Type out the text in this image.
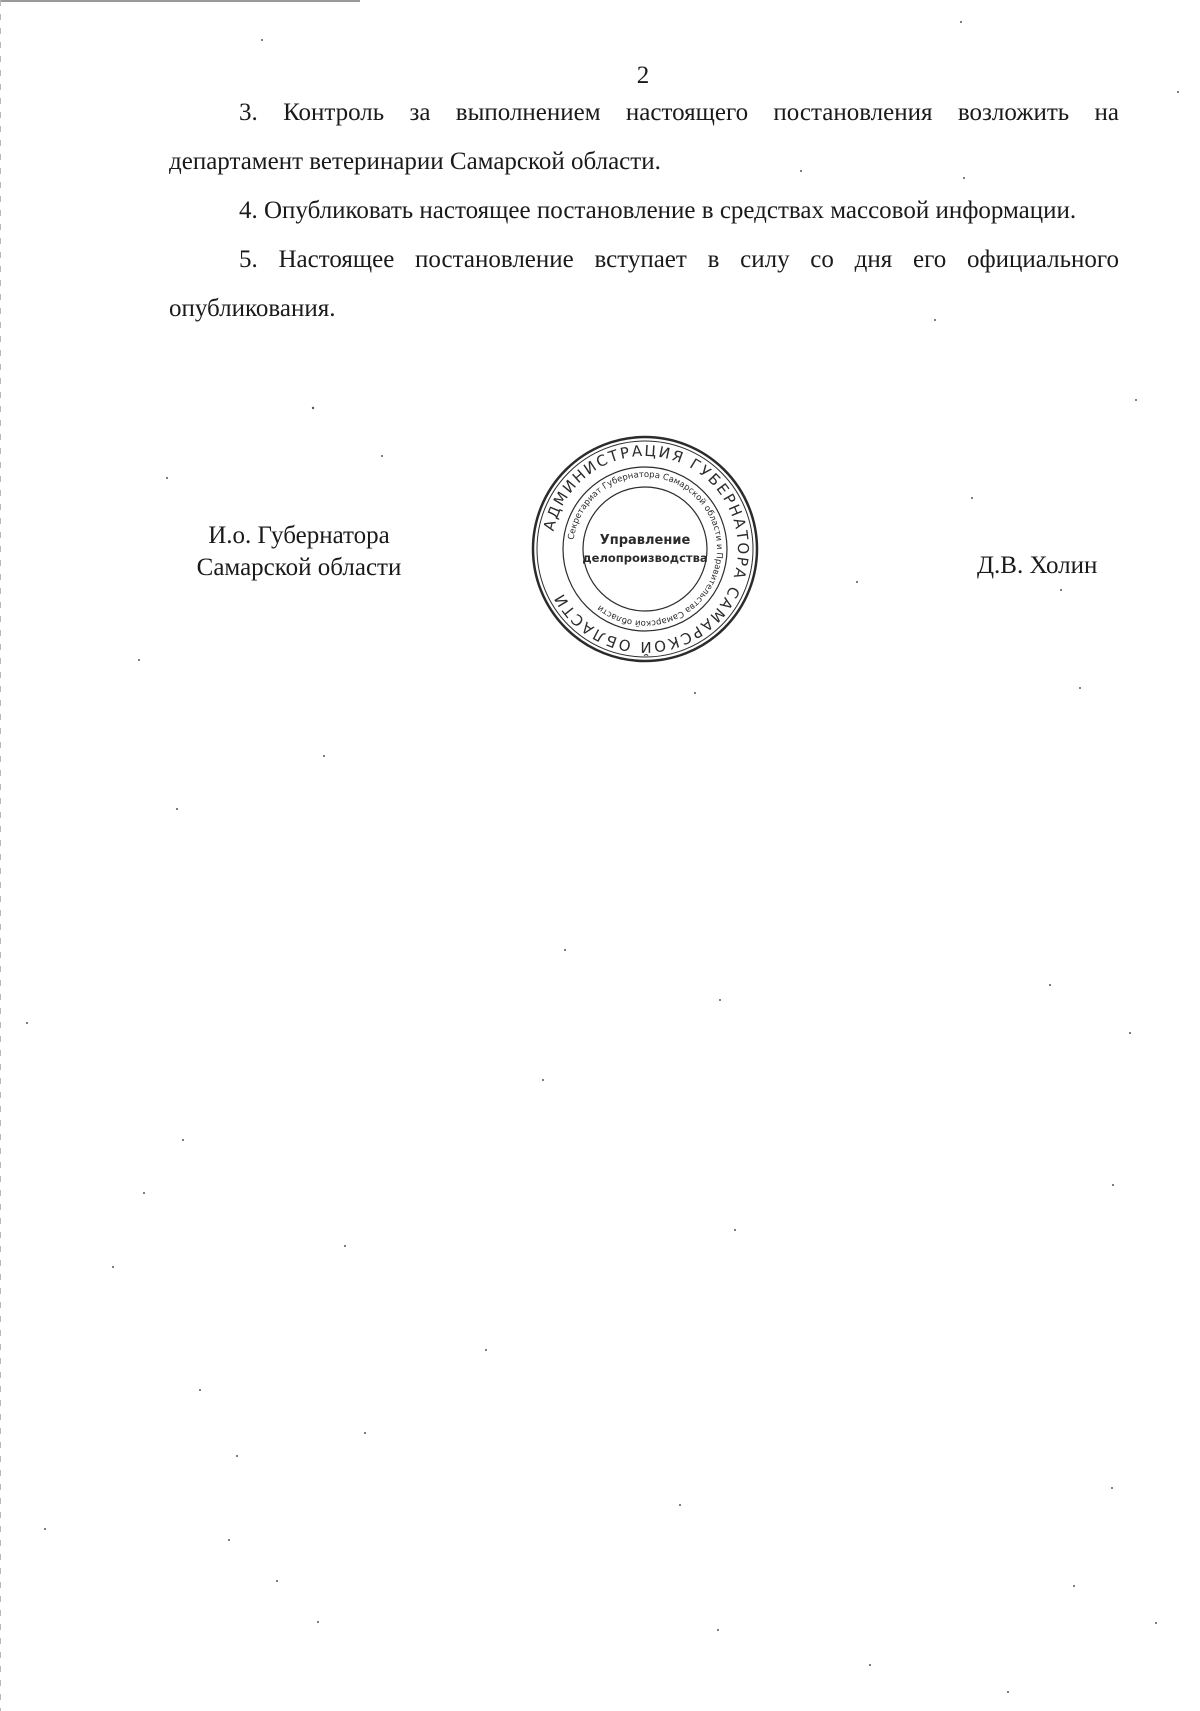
2

3. Контроль за выполнением настоящего постановления возложить на департамент ветеринарии Самарской области.

4. Опубликовать настоящее постановление в средствах массовой информации.

5. Настоящее постановление вступает в силу со дня его официального опубликования.

И.о. Губернатора
Самарской области	Д.В. Холин
АДМИНИСТРАЦИЯ ГУБЕРНАТОРА САМАРСКОЙ ОБЛАСТИ
Секретариат Губернатора Самарской области и Правительства Самарской области
Управление
делопроизводства
